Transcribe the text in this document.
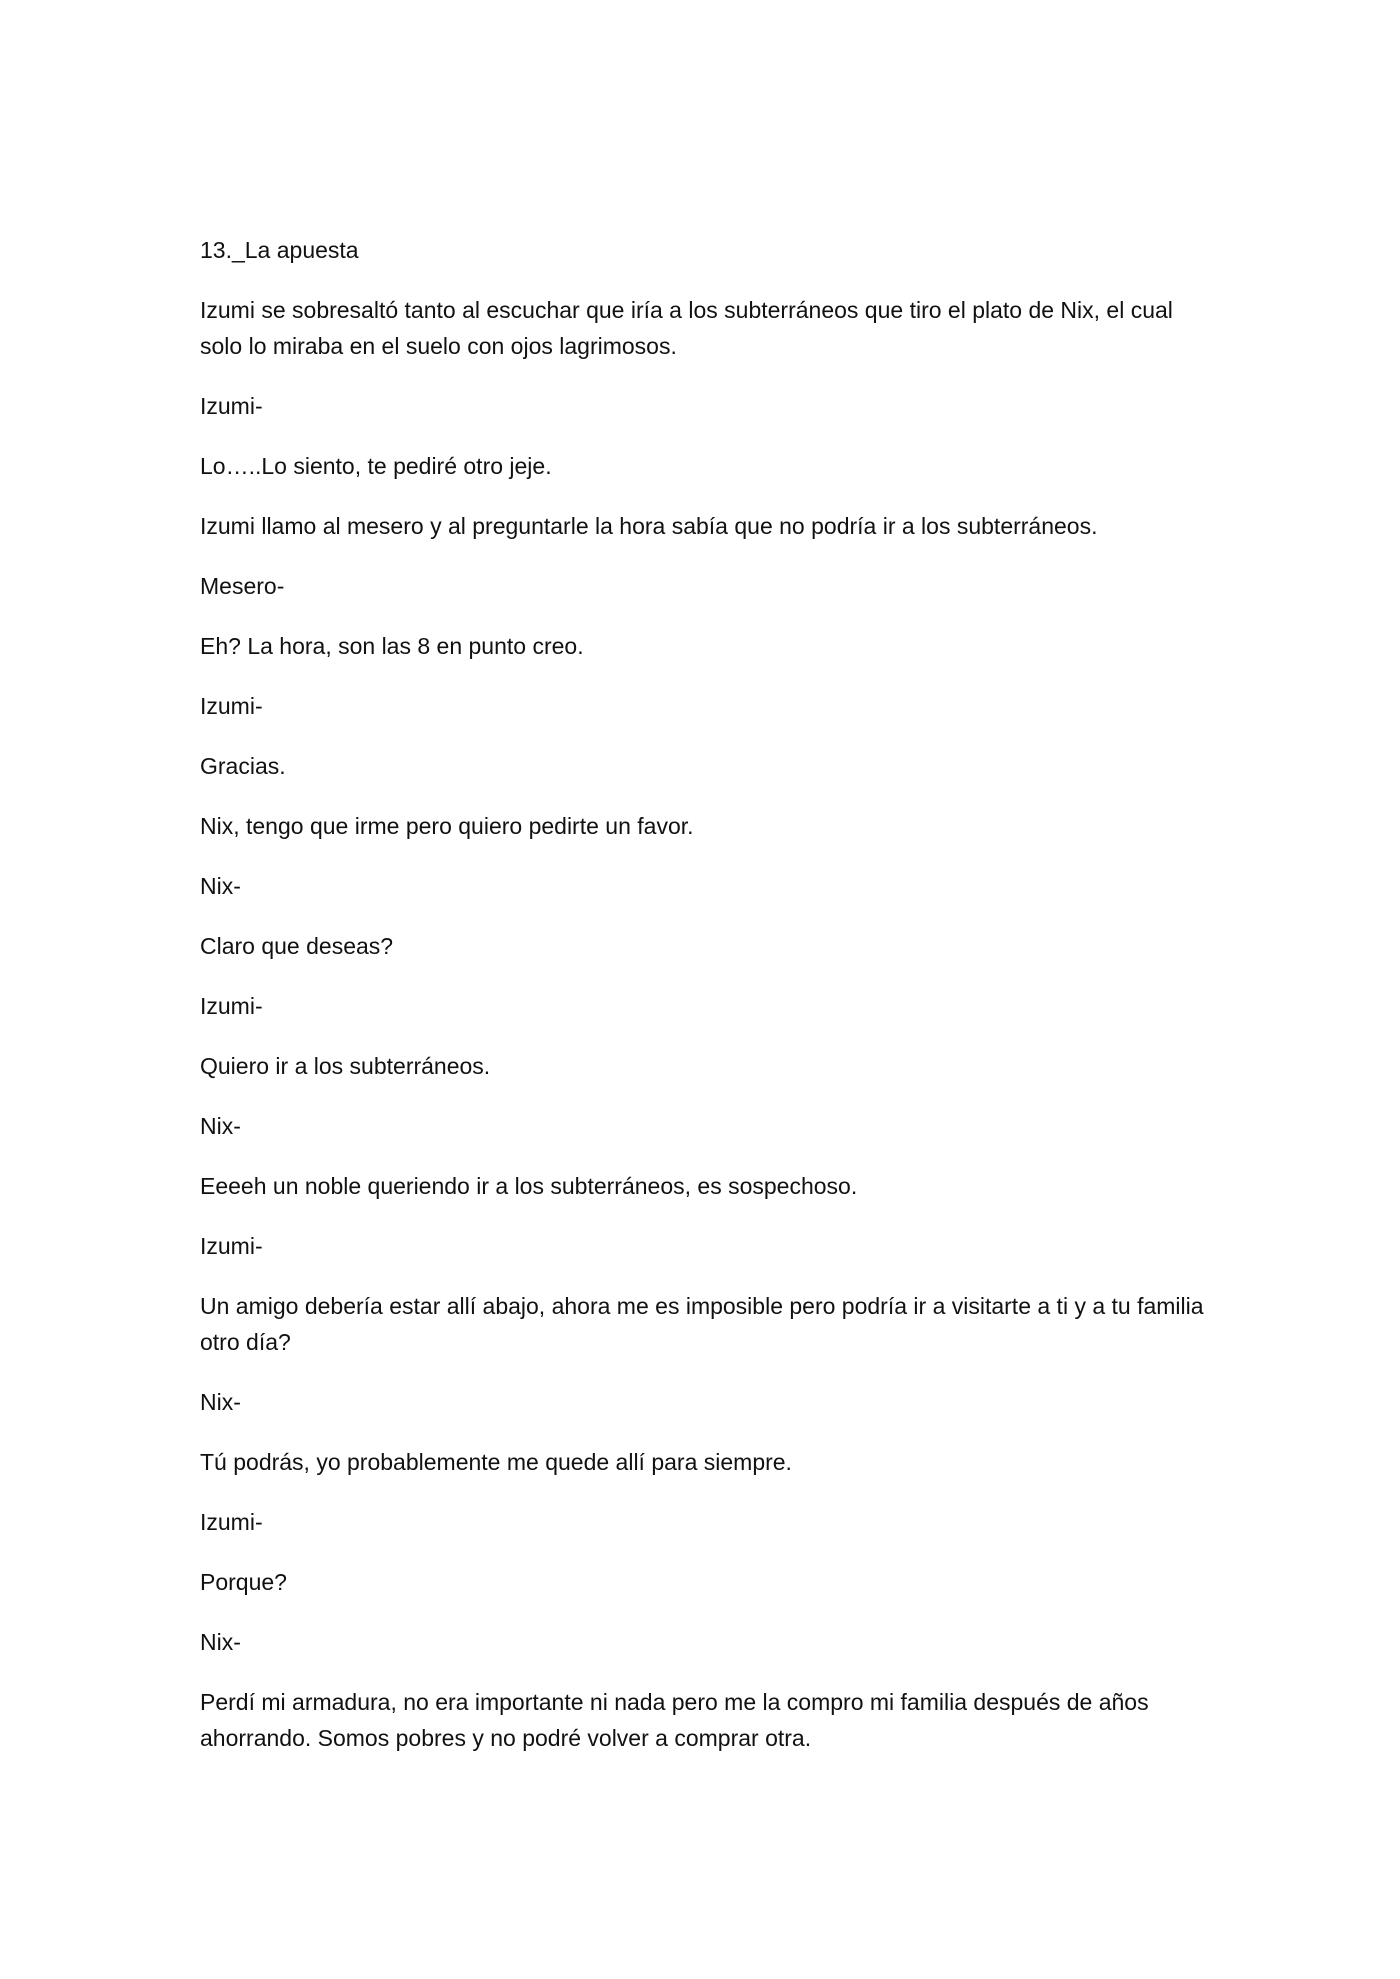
13._La apuesta

Izumi se sobresaltó tanto al escuchar que iría a los subterráneos que tiro el plato de Nix, el cual solo lo miraba en el suelo con ojos lagrimosos.

Izumi-

Lo…..Lo siento, te pediré otro jeje.

Izumi llamo al mesero y al preguntarle la hora sabía que no podría ir a los subterráneos.

Mesero-

Eh? La hora, son las 8 en punto creo.

Izumi-

Gracias.

Nix, tengo que irme pero quiero pedirte un favor.

Nix-

Claro que deseas?

Izumi-

Quiero ir a los subterráneos.

Nix-

Eeeeh un noble queriendo ir a los subterráneos, es sospechoso.

Izumi-

Un amigo debería estar allí abajo, ahora me es imposible pero podría ir a visitarte a ti y a tu familia otro día?

Nix-

Tú podrás, yo probablemente me quede allí para siempre.

Izumi-

Porque?

Nix-

Perdí mi armadura, no era importante ni nada pero me la compro mi familia después de años ahorrando. Somos pobres y no podré volver a comprar otra.
